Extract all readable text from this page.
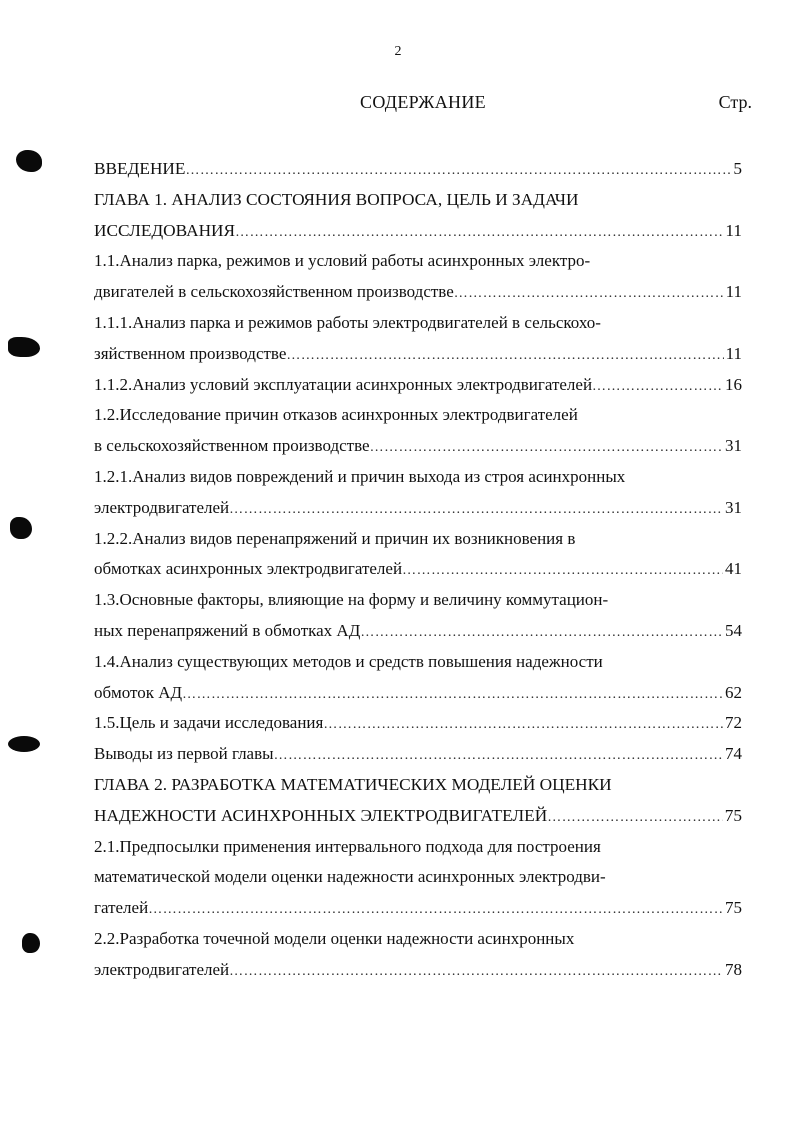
2
СОДЕРЖАНИЕ	Стр.
ВВЕДЕНИЕ …………………………………………………………………………………………………………………………………………………………	5
ГЛАВА 1. АНАЛИЗ СОСТОЯНИЯ ВОПРОСА, ЦЕЛЬ И ЗАДАЧИ
ИССЛЕДОВАНИЯ …………………………………………………………………………………………………………………………………………………………	11
1.1.Анализ парка, режимов и условий работы асинхронных электро-
двигателей в сельскохозяйственном производстве …………………………………………………………………………………………………………………………………………………………	11
1.1.1.Анализ парка и режимов работы электродвигателей в сельскохо-
зяйственном производстве …………………………………………………………………………………………………………………………………………………………	11
1.1.2.Анализ условий эксплуатации асинхронных электродвигателей …………………………………………………………………………………………………………………………………………………………	16
1.2.Исследование причин отказов асинхронных электродвигателей
в сельскохозяйственном производстве …………………………………………………………………………………………………………………………………………………………	31
1.2.1.Анализ видов повреждений и причин выхода из строя асинхронных
электродвигателей …………………………………………………………………………………………………………………………………………………………	31
1.2.2.Анализ видов перенапряжений и причин их возникновения в
обмотках асинхронных электродвигателей …………………………………………………………………………………………………………………………………………………………	41
1.3.Основные факторы, влияющие на форму и величину коммутацион-
ных перенапряжений в обмотках АД …………………………………………………………………………………………………………………………………………………………	54
1.4.Анализ существующих методов и средств повышения надежности
обмоток АД …………………………………………………………………………………………………………………………………………………………	62
1.5.Цель и задачи исследования …………………………………………………………………………………………………………………………………………………………	72
Выводы из первой главы …………………………………………………………………………………………………………………………………………………………	74
ГЛАВА 2. РАЗРАБОТКА МАТЕМАТИЧЕСКИХ МОДЕЛЕЙ ОЦЕНКИ
НАДЕЖНОСТИ АСИНХРОННЫХ ЭЛЕКТРОДВИГАТЕЛЕЙ …………………………………………………………………………………………………………………………………………………………	75
2.1.Предпосылки применения интервального подхода для построения
математической модели оценки надежности асинхронных электродви-
гателей …………………………………………………………………………………………………………………………………………………………	75
2.2.Разработка точечной модели оценки надежности асинхронных
электродвигателей …………………………………………………………………………………………………………………………………………………………	78
